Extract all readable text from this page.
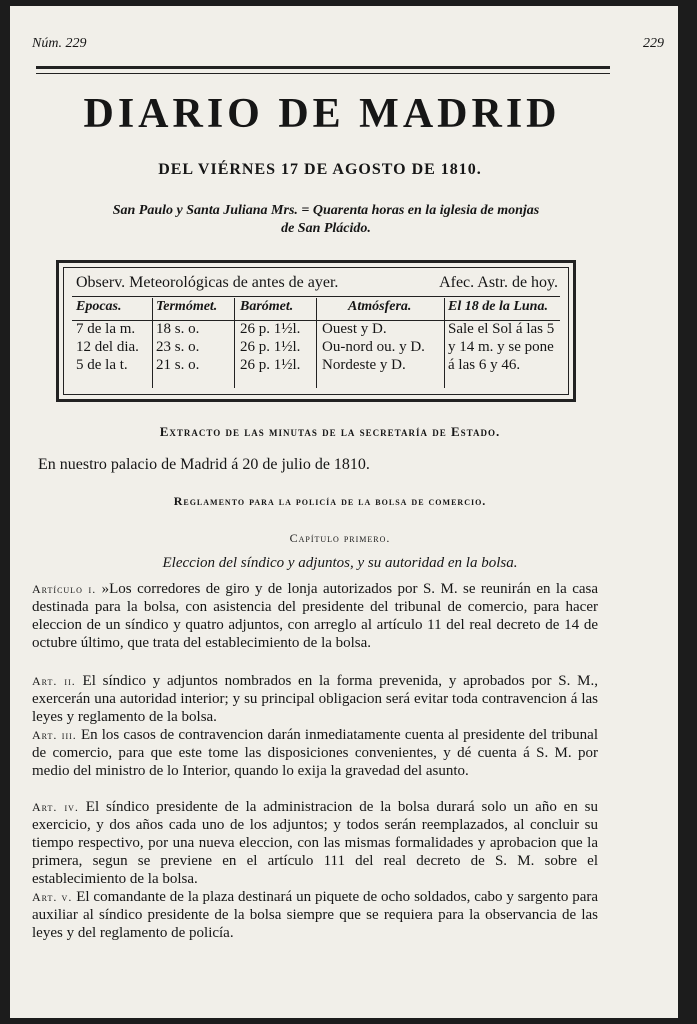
Núm. 229	229
DIARIO DE MADRID
DEL VIÉRNES 17 DE AGOSTO DE 1810.
San Paulo y Santa Juliana Mrs. = Quarenta horas en la iglesia de monjas
de San Plácido.
Observ. Meteorológicas de antes de ayer.	Afec. Astr. de hoy.
Epocas.
7 de la m.
12 del dia.
5 de la t.
Termómet.
18 s. o.
23 s. o.
21 s. o.
Barómet.
26 p. 1½l.
26 p. 1½l.
26 p. 1½l.
Atmósfera.
Ouest y D.
Ou-nord ou. y D.
Nordeste y D.
El 18 de la Luna.
Sale el Sol á las 5
y 14 m. y se pone
á las 6 y 46.
Extracto de las minutas de la secretaría de Estado.
En nuestro palacio de Madrid á 20 de julio de 1810.
Reglamento para la policía de la bolsa de comercio.
Capítulo primero.
Eleccion del síndico y adjuntos, y su autoridad en la bolsa.
Artículo i. »Los corredores de giro y de lonja autorizados por S. M. se reunirán en la casa destinada para la bolsa, con asistencia del presidente del tribunal de comercio, para hacer eleccion de un síndico y quatro adjuntos, con arreglo al artículo 11 del real decreto de 14 de octubre último, que trata del establecimiento de la bolsa.
Art. ii. El síndico y adjuntos nombrados en la forma prevenida, y aprobados por S. M., exercerán una autoridad interior; y su principal obligacion será evitar toda contravencion á las leyes y reglamento de la bolsa.
Art. iii. En los casos de contravencion darán inmediatamente cuenta al presidente del tribunal de comercio, para que este tome las disposiciones convenientes, y dé cuenta á S. M. por medio del ministro de lo Interior, quando lo exija la gravedad del asunto.
Art. iv. El síndico presidente de la administracion de la bolsa durará solo un año en su exercicio, y dos años cada uno de los adjuntos; y todos serán reemplazados, al concluir su tiempo respectivo, por una nueva eleccion, con las mismas formalidades y aprobacion que la primera, segun se previene en el artículo 111 del real decreto de S. M. sobre el establecimiento de la bolsa.
Art. v. El comandante de la plaza destinará un piquete de ocho soldados, cabo y sargento para auxiliar al síndico presidente de la bolsa siempre que se requiera para la observancia de las leyes y del reglamento de policía.
